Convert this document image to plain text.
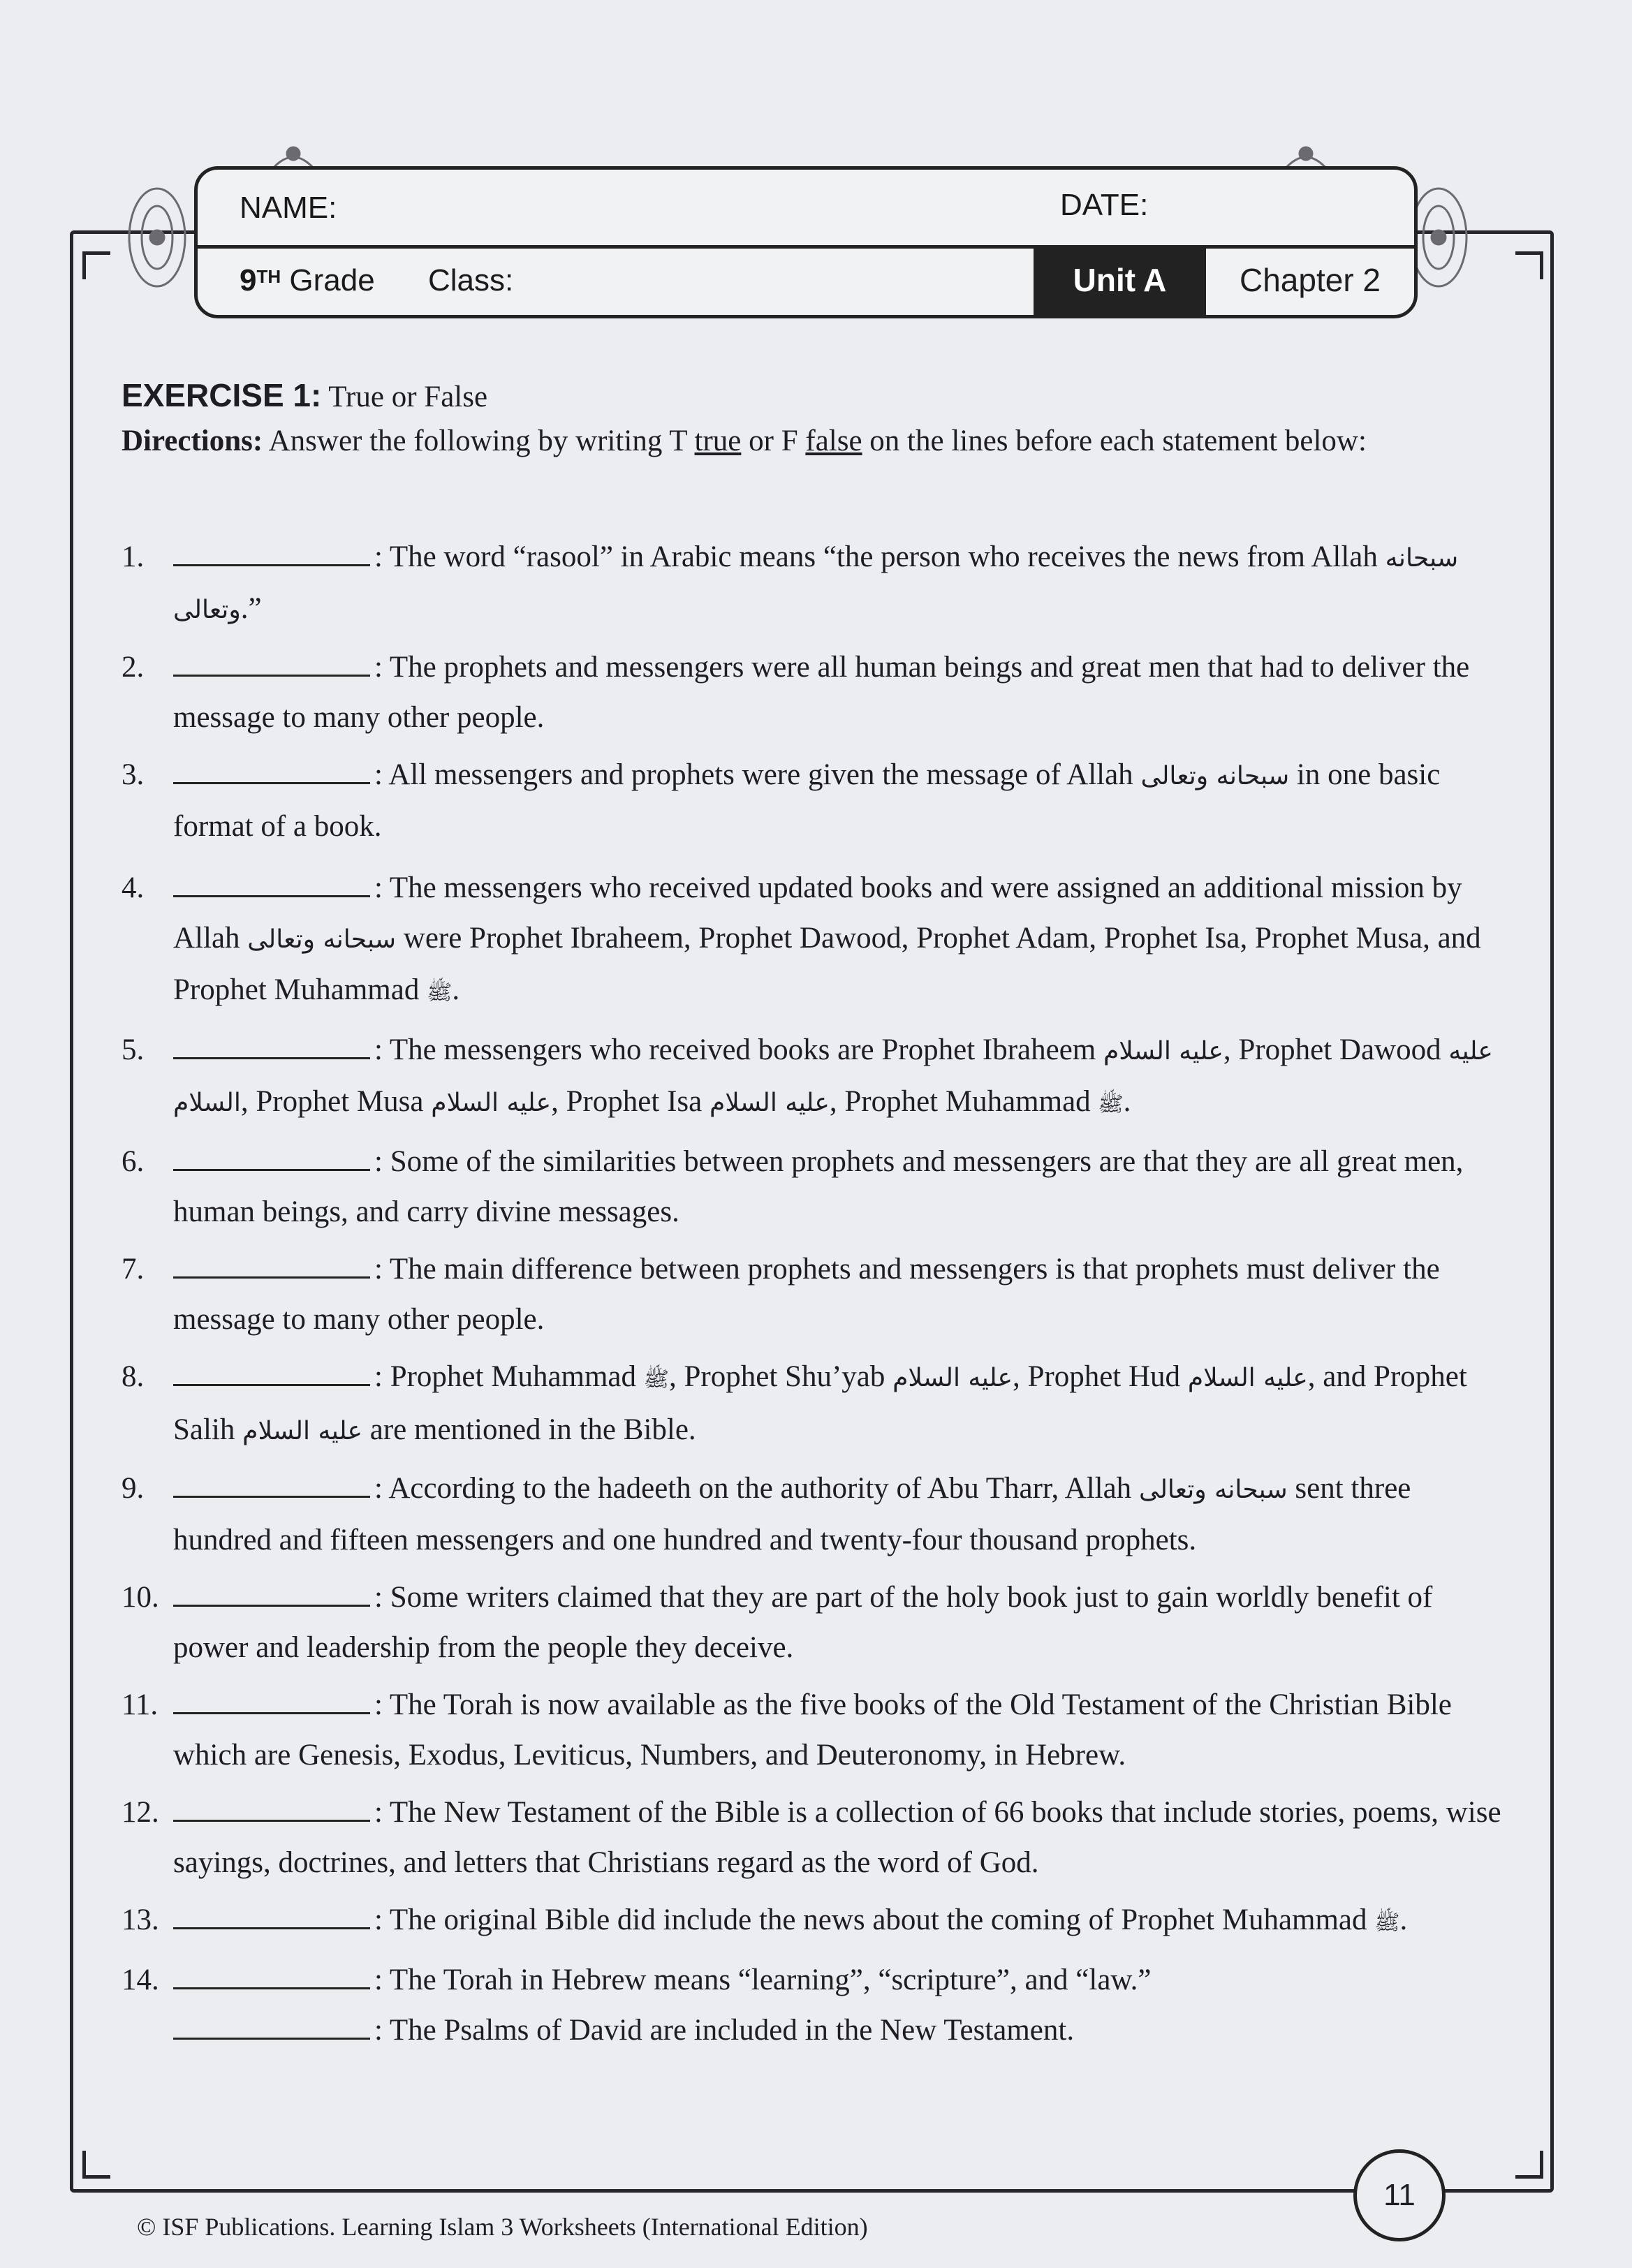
NAME:	DATE:
9TH Grade Class:	Unit A	Chapter 2
EXERCISE 1: True or False
Directions: Answer the following by writing T true or F false on the lines before each statement below:
1.	: The word “rasool” in Arabic means “the person who receives the news from Allah سبحانه وتعالى.”
2.	: The prophets and messengers were all human beings and great men that had to deliver the message to many other people.
3.	: All messengers and prophets were given the message of Allah سبحانه وتعالى in one basic format of a book.
4.	: The messengers who received updated books and were assigned an additional mission by Allah سبحانه وتعالى were Prophet Ibraheem, Prophet Dawood, Prophet Adam, Prophet Isa, Prophet Musa, and Prophet Muhammad ﷺ.
5.	: The messengers who received books are Prophet Ibraheem عليه السلام, Prophet Dawood عليه السلام, Prophet Musa عليه السلام, Prophet Isa عليه السلام, Prophet Muhammad ﷺ.
6.	: Some of the similarities between prophets and messengers are that they are all great men, human beings, and carry divine messages.
7.	: The main difference between prophets and messengers is that prophets must deliver the message to many other people.
8.	: Prophet Muhammad ﷺ, Prophet Shu’yab عليه السلام, Prophet Hud عليه السلام, and Prophet Salih عليه السلام are mentioned in the Bible.
9.	: According to the hadeeth on the authority of Abu Tharr, Allah سبحانه وتعالى sent three hundred and fifteen messengers and one hundred and twenty-four thousand prophets.
10.	: Some writers claimed that they are part of the holy book just to gain worldly benefit of power and leadership from the people they deceive.
11.	: The Torah is now available as the five books of the Old Testament of the Christian Bible which are Genesis, Exodus, Leviticus, Numbers, and Deuteronomy, in Hebrew.
12.	: The New Testament of the Bible is a collection of 66 books that include stories, poems, wise sayings, doctrines, and letters that Christians regard as the word of God.
13.	: The original Bible did include the news about the coming of Prophet Muhammad ﷺ.
14.	: The Torah in Hebrew means “learning”, “scripture”, and “law.”
: The Psalms of David are included in the New Testament.
11
© ISF Publications. Learning Islam 3 Worksheets (International Edition)
